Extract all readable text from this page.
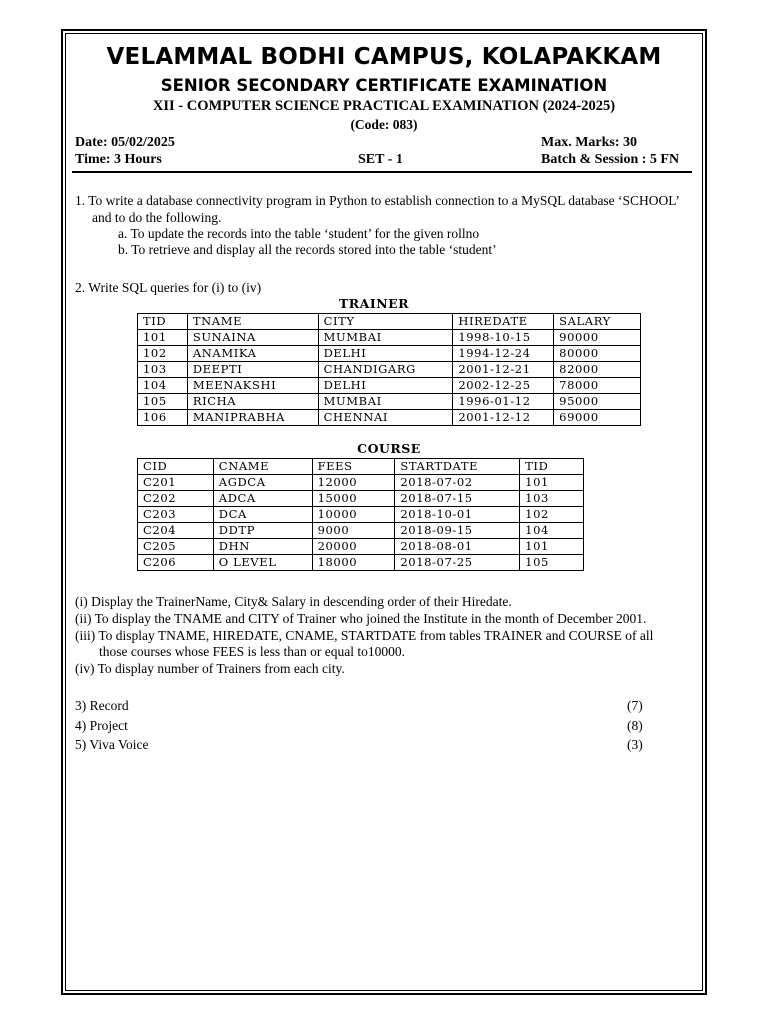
VELAMMAL BODHI CAMPUS, KOLAPAKKAM
SENIOR SECONDARY CERTIFICATE EXAMINATION
XII - COMPUTER SCIENCE PRACTICAL EXAMINATION (2024-2025)
(Code: 083)
Date: 05/02/2025
Time: 3 Hours	SET - 1
Max. Marks: 30
Batch & Session : 5 FN
1. To write a database connectivity program in Python to establish connection to a MySQL database ‘SCHOOL’
and to do the following.
a. To update the records into the table ‘student’ for the given rollno
b. To retrieve and display all the records stored into the table ‘student’
2. Write SQL queries for (i) to (iv)
TRAINER
TID	TNAME	CITY	HIREDATE	SALARY
101	SUNAINA	MUMBAI	1998-10-15	90000
102	ANAMIKA	DELHI	1994-12-24	80000
103	DEEPTI	CHANDIGARG	2001-12-21	82000
104	MEENAKSHI	DELHI	2002-12-25	78000
105	RICHA	MUMBAI	1996-01-12	95000
106	MANIPRABHA	CHENNAI	2001-12-12	69000
COURSE
CID	CNAME	FEES	STARTDATE	TID
C201	AGDCA	12000	2018-07-02	101
C202	ADCA	15000	2018-07-15	103
C203	DCA	10000	2018-10-01	102
C204	DDTP	9000	2018-09-15	104
C205	DHN	20000	2018-08-01	101
C206	O LEVEL	18000	2018-07-25	105
(i) Display the TrainerName, City& Salary in descending order of their Hiredate.
(ii) To display the TNAME and CITY of Trainer who joined the Institute in the month of December 2001.
(iii) To display TNAME, HIREDATE, CNAME, STARTDATE from tables TRAINER and COURSE of all
those courses whose FEES is less than or equal to10000.
(iv) To display number of Trainers from each city.
3) Record	(7)
4) Project	(8)
5) Viva Voice	(3)
